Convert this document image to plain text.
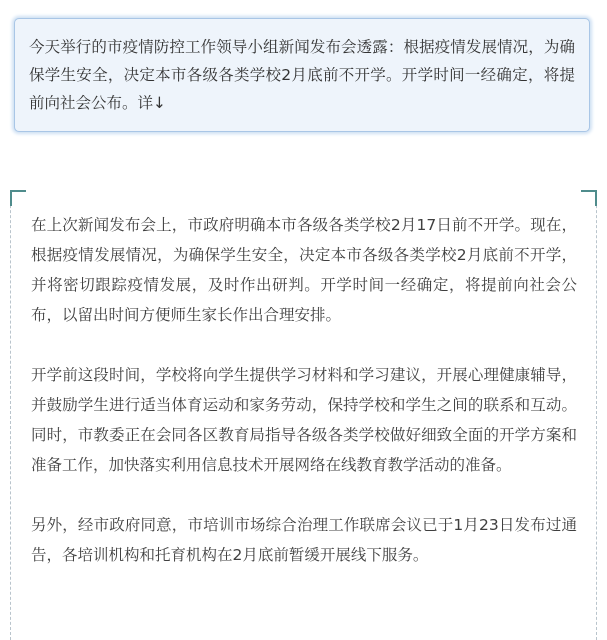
今天举行的市疫情防控工作领导小组新闻发布会透露：根据疫情发展情况，为确保学生安全，决定本市各级各类学校2月底前不开学。开学时间一经确定，将提前向社会公布。详↓

在上次新闻发布会上，市政府明确本市各级各类学校2月17日前不开学。现在，根据疫情发展情况，为确保学生安全，决定本市各级各类学校2月底前不开学，并将密切跟踪疫情发展，及时作出研判。开学时间一经确定，将提前向社会公布，以留出时间方便师生家长作出合理安排。

开学前这段时间，学校将向学生提供学习材料和学习建议，开展心理健康辅导，并鼓励学生进行适当体育运动和家务劳动，保持学校和学生之间的联系和互动。同时，市教委正在会同各区教育局指导各级各类学校做好细致全面的开学方案和准备工作，加快落实利用信息技术开展网络在线教育教学活动的准备。

另外，经市政府同意，市培训市场综合治理工作联席会议已于1月23日发布过通告，各培训机构和托育机构在2月底前暂缓开展线下服务。
